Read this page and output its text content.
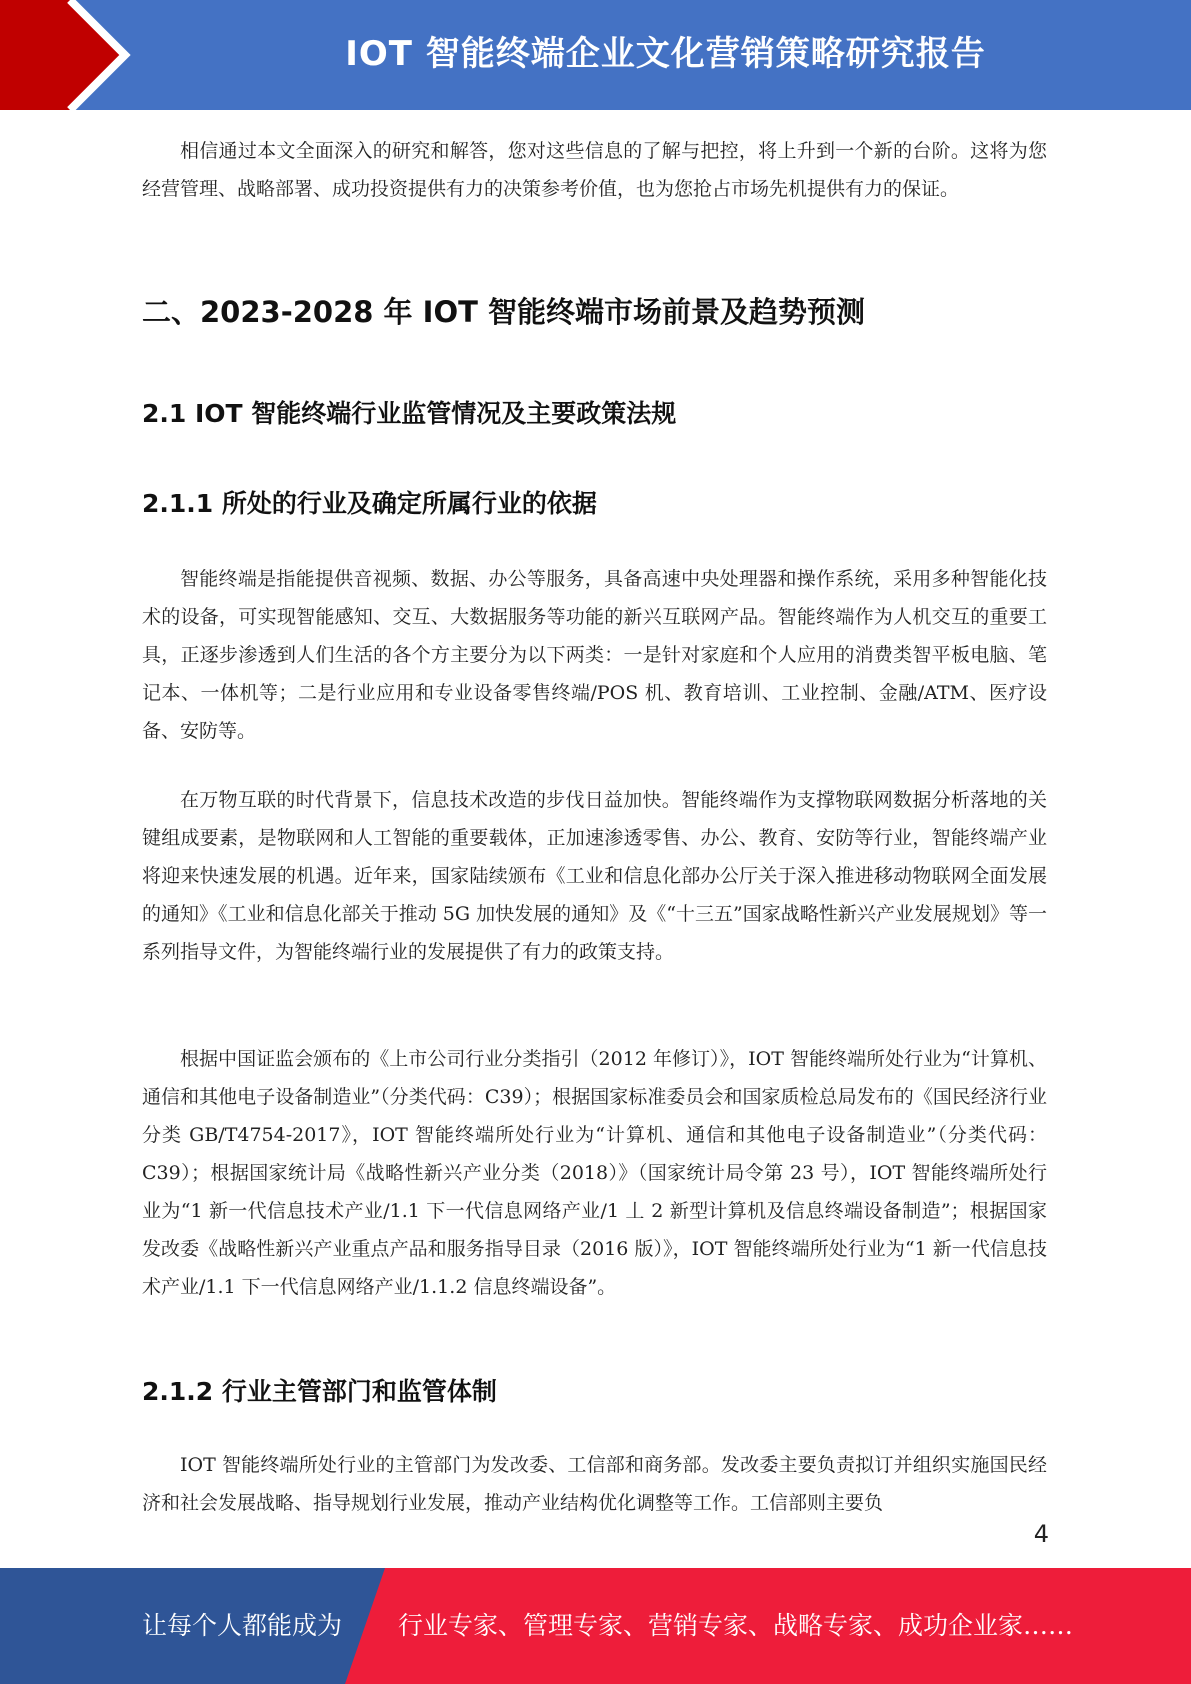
IOT 智能终端企业文化营销策略研究报告

相信通过本文全面深入的研究和解答，您对这些信息的了解与把控，将上升到一个新的台阶。这将为您经营管理、战略部署、成功投资提供有力的决策参考价值，也为您抢占市场先机提供有力的保证。

二、2023-2028 年 IOT 智能终端市场前景及趋势预测
2.1 IOT 智能终端行业监管情况及主要政策法规
2.1.1 所处的行业及确定所属行业的依据

智能终端是指能提供音视频、数据、办公等服务，具备高速中央处理器和操作系统，采用多种智能化技术的设备，可实现智能感知、交互、大数据服务等功能的新兴互联网产品。智能终端作为人机交互的重要工具，正逐步渗透到人们生活的各个方主要分为以下两类：一是针对家庭和个人应用的消费类智平板电脑、笔记本、一体机等；二是行业应用和专业设备零售终端/POS 机、教育培训、工业控制、金融/ATM、医疗设备、安防等。

在万物互联的时代背景下，信息技术改造的步伐日益加快。智能终端作为支撑物联网数据分析落地的关键组成要素，是物联网和人工智能的重要载体，正加速渗透零售、办公、教育、安防等行业，智能终端产业将迎来快速发展的机遇。近年来，国家陆续颁布《工业和信息化部办公厅关于深入推进移动物联网全面发展的通知》《工业和信息化部关于推动 5G 加快发展的通知》及《“十三五”国家战略性新兴产业发展规划》等一系列指导文件，为智能终端行业的发展提供了有力的政策支持。

根据中国证监会颁布的《上市公司行业分类指引（2012 年修订）》，IOT 智能终端所处行业为“计算机、通信和其他电子设备制造业”（分类代码：C39）；根据国家标准委员会和国家质检总局发布的《国民经济行业分类 GB/T4754-2017》，IOT 智能终端所处行业为“计算机、通信和其他电子设备制造业”（分类代码：C39）；根据国家统计局《战略性新兴产业分类（2018）》（国家统计局令第 23 号），IOT 智能终端所处行业为“1 新一代信息技术产业/1.1 下一代信息网络产业/1 丄 2 新型计算机及信息终端设备制造”；根据国家发改委《战略性新兴产业重点产品和服务指导目录（2016 版）》，IOT 智能终端所处行业为“1 新一代信息技术产业/1.1 下一代信息网络产业/1.1.2 信息终端设备”。

2.1.2 行业主管部门和监管体制

IOT 智能终端所处行业的主管部门为发改委、工信部和商务部。发改委主要负责拟订并组织实施国民经济和社会发展战略、指导规划行业发展，推动产业结构优化调整等工作。工信部则主要负

4
让每个人都能成为 行业专家、管理专家、营销专家、战略专家、成功企业家……
